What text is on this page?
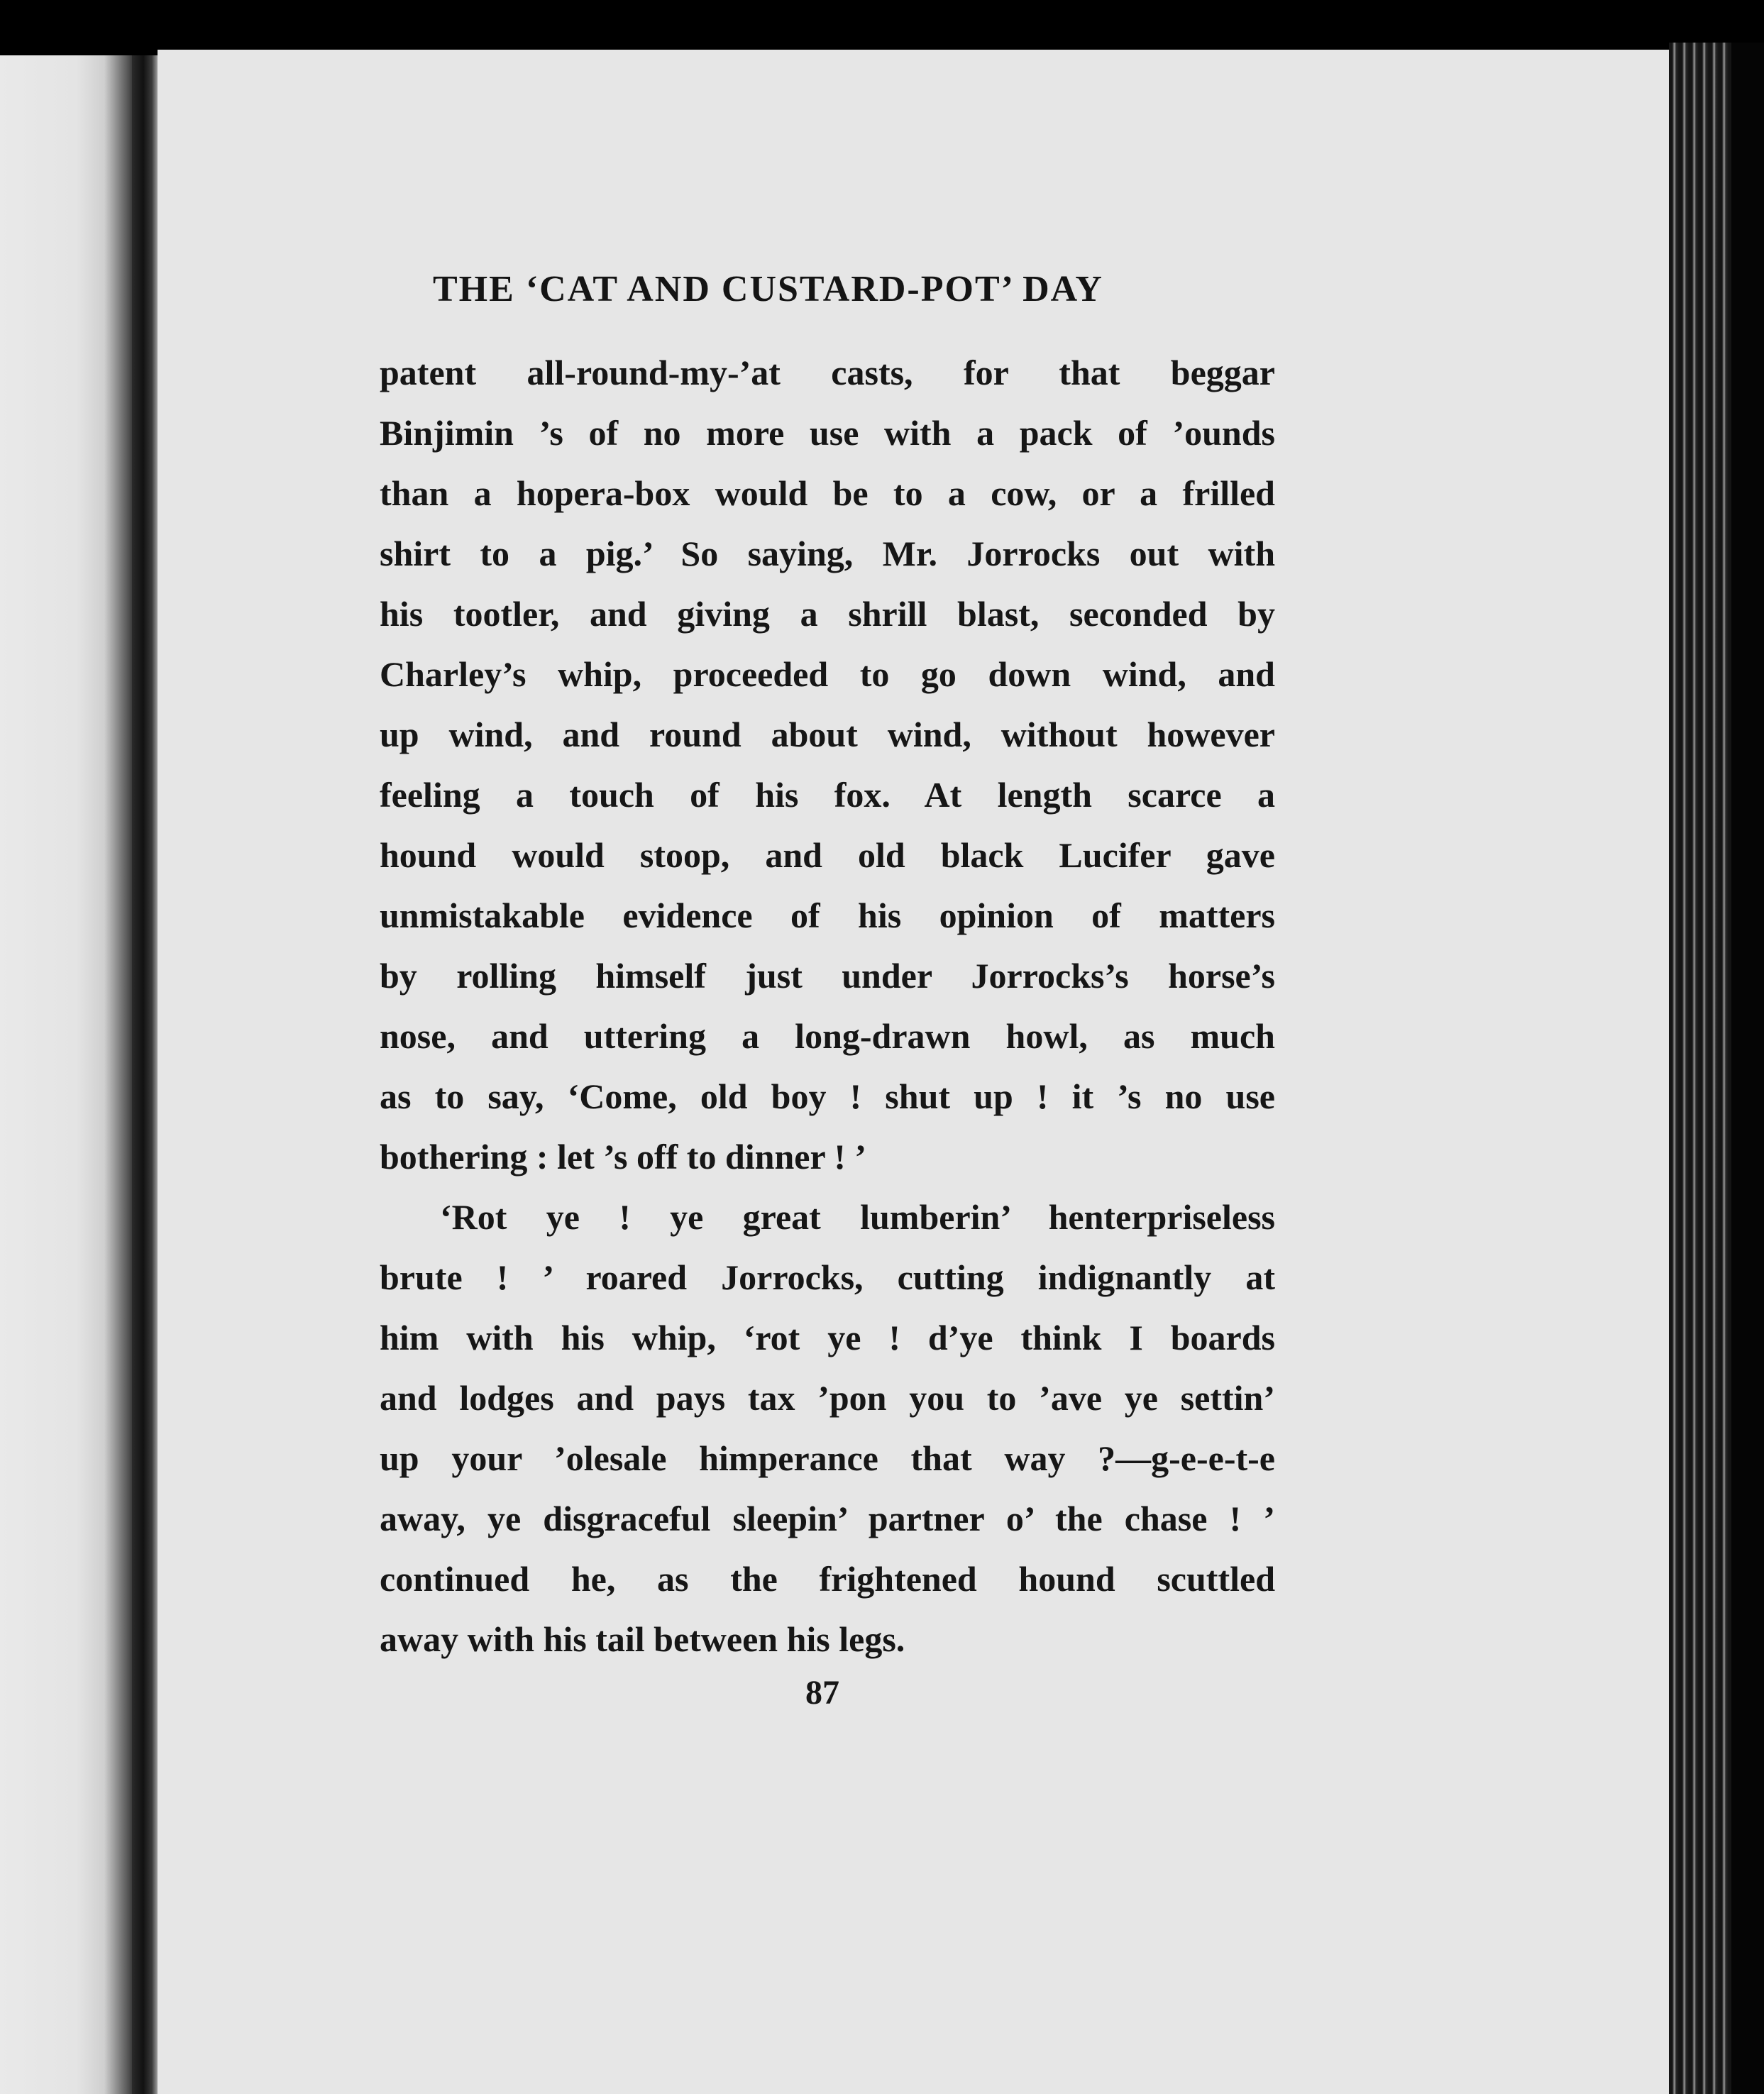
THE ‘CAT AND CUSTARD-POT’ DAY
patent all-round-my-’at casts, for that beggar
Binjimin ’s of no more use with a pack of ’ounds
than a hopera-box would be to a cow, or a frilled
shirt to a pig.’ So saying, Mr. Jorrocks out with
his tootler, and giving a shrill blast, seconded by
Charley’s whip, proceeded to go down wind, and
up wind, and round about wind, without however
feeling a touch of his fox. At length scarce a
hound would stoop, and old black Lucifer gave
unmistakable evidence of his opinion of matters
by rolling himself just under Jorrocks’s horse’s
nose, and uttering a long-drawn howl, as much
as to say, ‘Come, old boy ! shut up ! it ’s no use
bothering : let ’s off to dinner ! ’
‘Rot ye ! ye great lumberin’ henterpriseless
brute ! ’ roared Jorrocks, cutting indignantly at
him with his whip, ‘rot ye ! d’ye think I boards
and lodges and pays tax ’pon you to ’ave ye settin’
up your ’olesale himperance that way ?—g-e-e-t-e
away, ye disgraceful sleepin’ partner o’ the chase ! ’
continued he, as the frightened hound scuttled
away with his tail between his legs.
87
